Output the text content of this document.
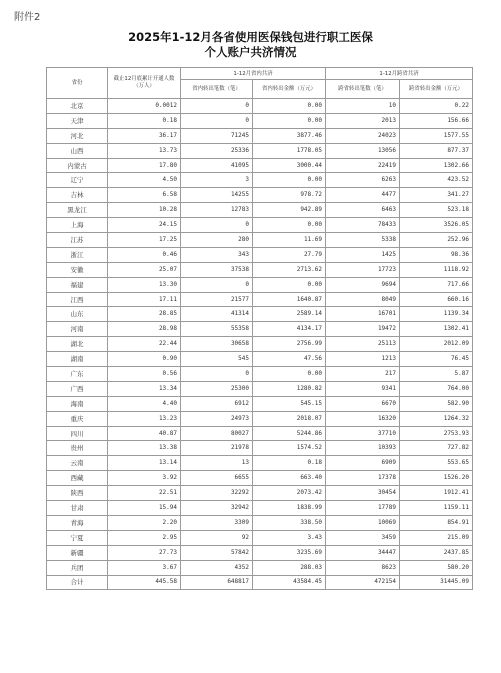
附件2
2025年1-12月各省使用医保钱包进行职工医保
个人账户共济情况
省份	截止12月底累计开通人数（万人）	1-12月省内共济		1-12月跨省共济	
		省内转出笔数（笔）	省内转出金额（万元）	跨省转出笔数（笔）	跨省转出金额（万元）
北京	0.0012	0	0.00	10	0.22
天津	0.18	0	0.00	2013	156.66
河北	36.17	71245	3877.46	24023	1577.55
山西	13.73	25336	1778.05	13056	877.37
内蒙古	17.80	41095	3000.44	22419	1302.66
辽宁	4.50	3	0.00	6263	423.52
吉林	6.58	14255	978.72	4477	341.27
黑龙江	10.28	12783	942.89	6463	523.18
上海	24.15	0	0.00	78433	3526.05
江苏	17.25	280	11.69	5338	252.96
浙江	0.46	343	27.79	1425	98.36
安徽	25.07	37538	2713.62	17723	1118.92
福建	13.30	0	0.00	9694	717.66
江西	17.11	21577	1640.87	8049	660.16
山东	28.85	41314	2589.14	16701	1139.34
河南	28.98	55358	4134.17	19472	1302.41
湖北	22.44	30658	2756.99	25113	2012.09
湖南	0.90	545	47.56	1213	76.45
广东	0.56	0	0.00	217	5.87
广西	13.34	25300	1280.82	9341	764.00
海南	4.40	6912	545.15	6670	582.90
重庆	13.23	24973	2018.07	16320	1264.32
四川	40.87	80027	5244.86	37710	2753.93
贵州	13.38	21978	1574.52	10393	727.82
云南	13.14	13	0.18	6909	553.65
西藏	3.92	6655	663.40	17378	1526.20
陕西	22.51	32292	2073.42	30454	1912.41
甘肃	15.94	32942	1838.99	17789	1159.11
青海	2.20	3309	338.50	10069	854.91
宁夏	2.95	92	3.43	3459	215.09
新疆	27.73	57842	3235.69	34447	2437.85
兵团	3.67	4352	288.03	8623	580.20
合计	445.58	648817	43584.45	472154	31445.09
